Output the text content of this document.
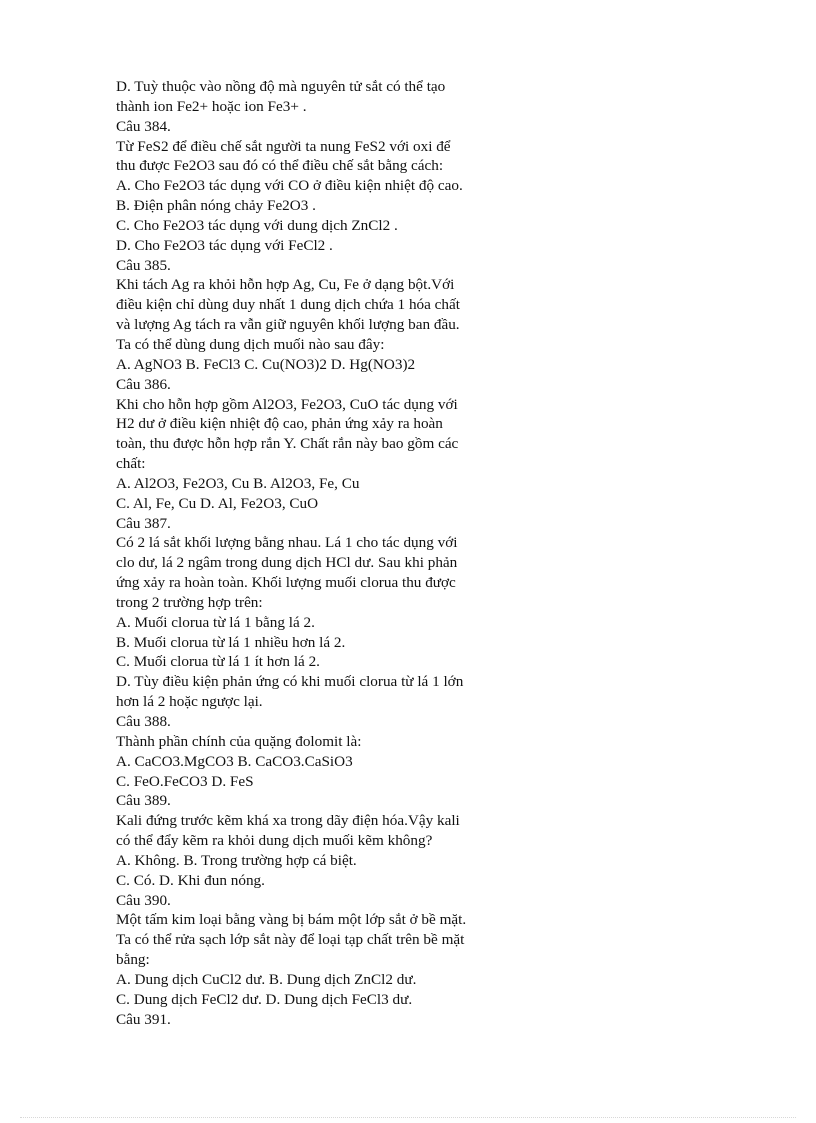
D. Tuỳ thuộc vào nồng độ mà nguyên tử sắt có thể tạo
thành ion Fe2+ hoặc ion Fe3+ .
Câu 384.
Từ FeS2 để điều chế sắt người ta nung FeS2 với oxi để
thu được Fe2O3 sau đó có thể điều chế sắt bằng cách:
A. Cho Fe2O3 tác dụng với CO ở điều kiện nhiệt độ cao.
B. Điện phân nóng chảy Fe2O3 .
C. Cho Fe2O3 tác dụng với dung dịch ZnCl2 .
D. Cho Fe2O3 tác dụng với FeCl2 .
Câu 385.
Khi tách Ag ra khỏi hỗn hợp Ag, Cu, Fe ở dạng bột.Với
điều kiện chỉ dùng duy nhất 1 dung dịch chứa 1 hóa chất
và lượng Ag tách ra vẫn giữ nguyên khối lượng ban đầu.
Ta có thể dùng dung dịch muối nào sau đây:
A. AgNO3 B. FeCl3 C. Cu(NO3)2 D. Hg(NO3)2
Câu 386.
Khi cho hỗn hợp gồm Al2O3, Fe2O3, CuO tác dụng với
H2 dư ở điều kiện nhiệt độ cao, phản ứng xảy ra hoàn
toàn, thu được hỗn hợp rắn Y. Chất rắn này bao gồm các
chất:
A. Al2O3, Fe2O3, Cu B. Al2O3, Fe, Cu
C. Al, Fe, Cu D. Al, Fe2O3, CuO
Câu 387.
Có 2 lá sắt khối lượng bằng nhau. Lá 1 cho tác dụng với
clo dư, lá 2 ngâm trong dung dịch HCl dư. Sau khi phản
ứng xảy ra hoàn toàn. Khối lượng muối clorua thu được
trong 2 trường hợp trên:
A. Muối clorua từ lá 1 bằng lá 2.
B. Muối clorua từ lá 1 nhiều hơn lá 2.
C. Muối clorua từ lá 1 ít hơn lá 2.
D. Tùy điều kiện phản ứng có khi muối clorua từ lá 1 lớn
hơn lá 2 hoặc ngược lại.
Câu 388.
Thành phần chính của quặng đolomit là:
A. CaCO3.MgCO3 B. CaCO3.CaSiO3
C. FeO.FeCO3 D. FeS
Câu 389.
Kali đứng trước kẽm khá xa trong dãy điện hóa.Vậy kali
có thể đẩy kẽm ra khỏi dung dịch muối kẽm không?
A. Không. B. Trong trường hợp cá biệt.
C. Có. D. Khi đun nóng.
Câu 390.
Một tấm kim loại bằng vàng bị bám một lớp sắt ở bề mặt.
Ta có thể rửa sạch lớp sắt này để loại tạp chất trên bề mặt
bằng:
A. Dung dịch CuCl2 dư. B. Dung dịch ZnCl2 dư.
C. Dung dịch FeCl2 dư. D. Dung dịch FeCl3 dư.
Câu 391.
